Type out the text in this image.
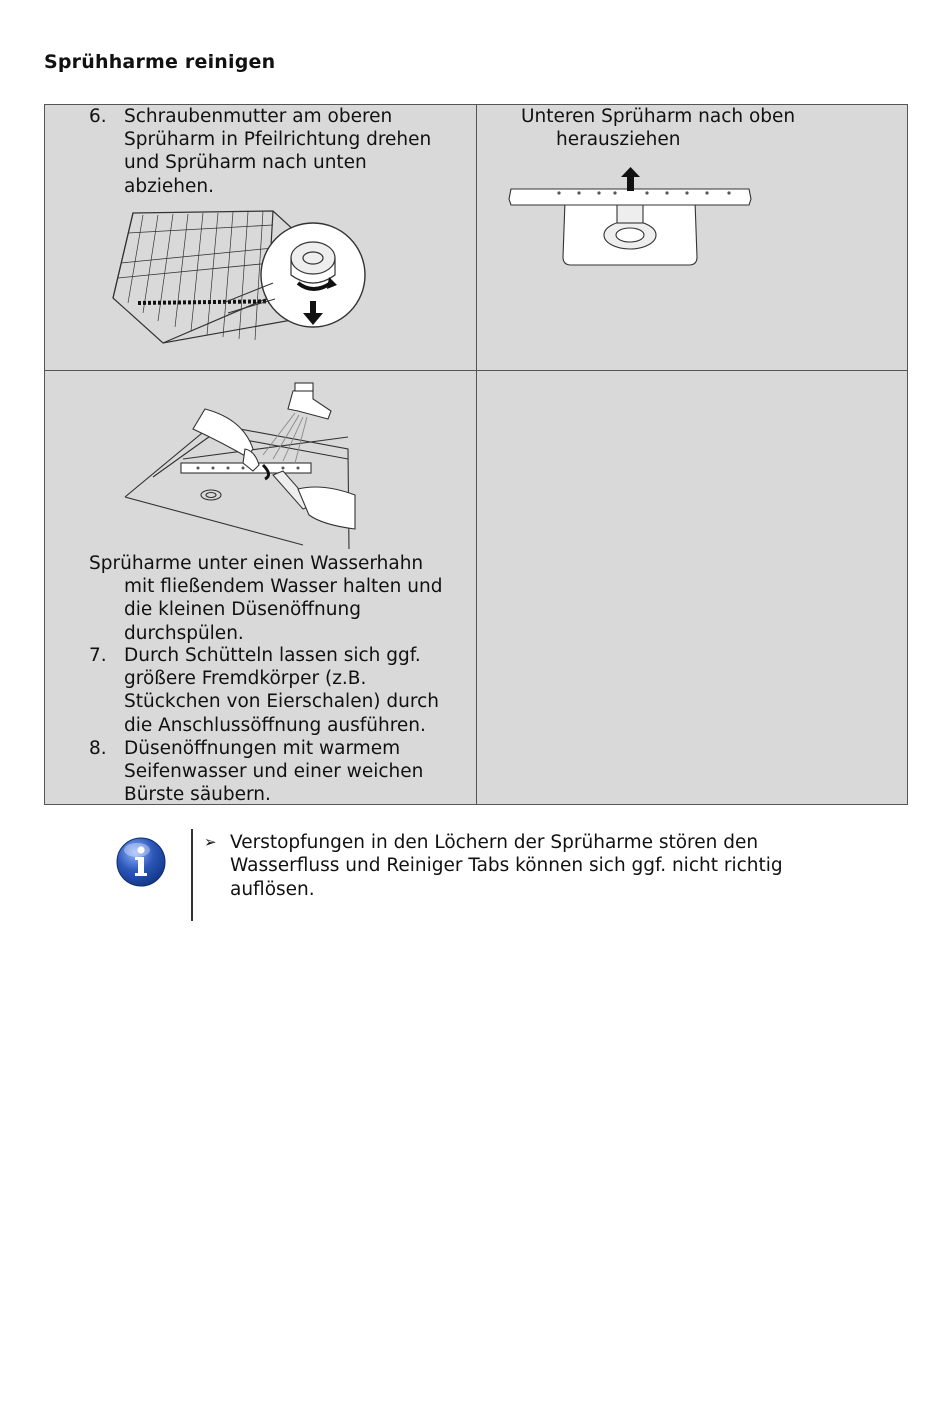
Sprühharme reinigen
6. Schraubenmutter am oberen
Sprüharm in Pfeilrichtung drehen
und Sprüharm nach unten
abziehen.
Unteren Sprüharm nach oben
herausziehen
Sprüharme unter einen Wasserhahn
mit fließendem Wasser halten und
die kleinen Düsenöffnung
durchspülen.
7. Durch Schütteln lassen sich ggf.
größere Fremdkörper (z.B.
Stückchen von Eierschalen) durch
die Anschlussöffnung ausführen.
8. Düsenöffnungen mit warmem
Seifenwasser und einer weichen
Bürste säubern.
➢ Verstopfungen in den Löchern der Sprüharme stören den
Wasserfluss und Reiniger Tabs können sich ggf. nicht richtig
auflösen.
